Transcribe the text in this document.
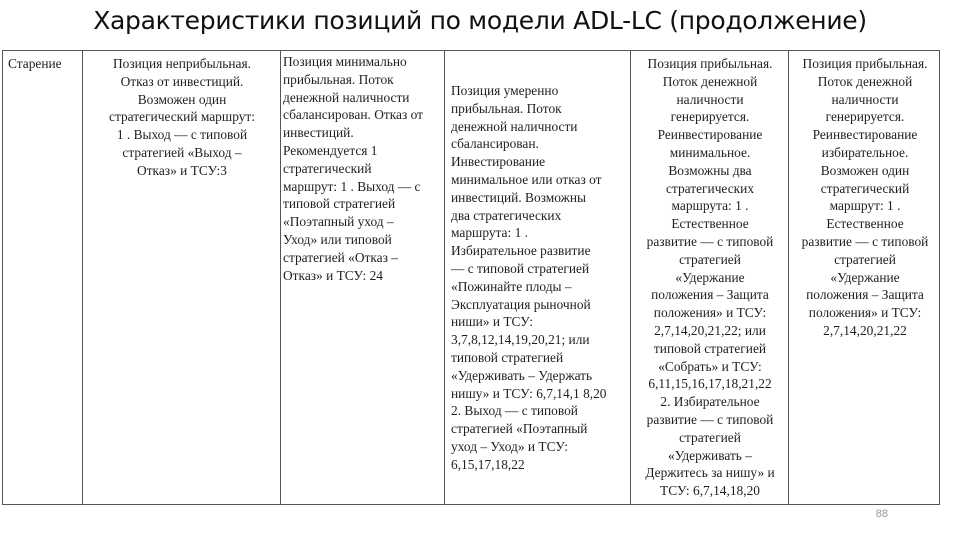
Характеристики позиций по модели ADL-LC (продолжение)
Старение	Позиция неприбыльная.
Отказ от инвестиций.
Возможен один
стратегический маршрут:
1 . Выход — с типовой
стратегией «Выход –
Отказ» и ТСУ:3
Позиция минимально
прибыльная. Поток
денежной наличности
сбалансирован. Отказ от
инвестиций.
Рекомендуется 1
стратегический
маршрут: 1 . Выход — с
типовой стратегией
«Поэтапный уход –
Уход» или типовой
стратегией «Отказ –
Отказ» и ТСУ: 24
Позиция умеренно
прибыльная. Поток
денежной наличности
сбалансирован.
Инвестирование
минимальное или отказ от
инвестиций. Возможны
два стратегических
маршрута: 1 .
Избирательное развитие
— с типовой стратегией
«Пожинайте плоды –
Эксплуатация рыночной
ниши» и ТСУ:
3,7,8,12,14,19,20,21; или
типовой стратегией
«Удерживать – Удержать
нишу» и ТСУ: 6,7,14,1 8,20
2. Выход — с типовой
стратегией «Поэтапный
уход – Уход» и ТСУ:
6,15,17,18,22
Позиция прибыльная.
Поток денежной
наличности
генерируется.
Реинвестирование
минимальное.
Возможны два
стратегических
маршрута: 1 .
Естественное
развитие — с типовой
стратегией
«Удержание
положения – Защита
положения» и ТСУ:
2,7,14,20,21,22; или
типовой стратегией
«Собрать» и ТСУ:
6,11,15,16,17,18,21,22
2. Избирательное
развитие — с типовой
стратегией
«Удерживать –
Держитесь за нишу» и
ТСУ: 6,7,14,18,20
Позиция прибыльная.
Поток денежной
наличности
генерируется.
Реинвестирование
избирательное.
Возможен один
стратегический
маршрут: 1 .
Естественное
развитие — с типовой
стратегией
«Удержание
положения – Защита
положения» и ТСУ:
2,7,14,20,21,22
88
